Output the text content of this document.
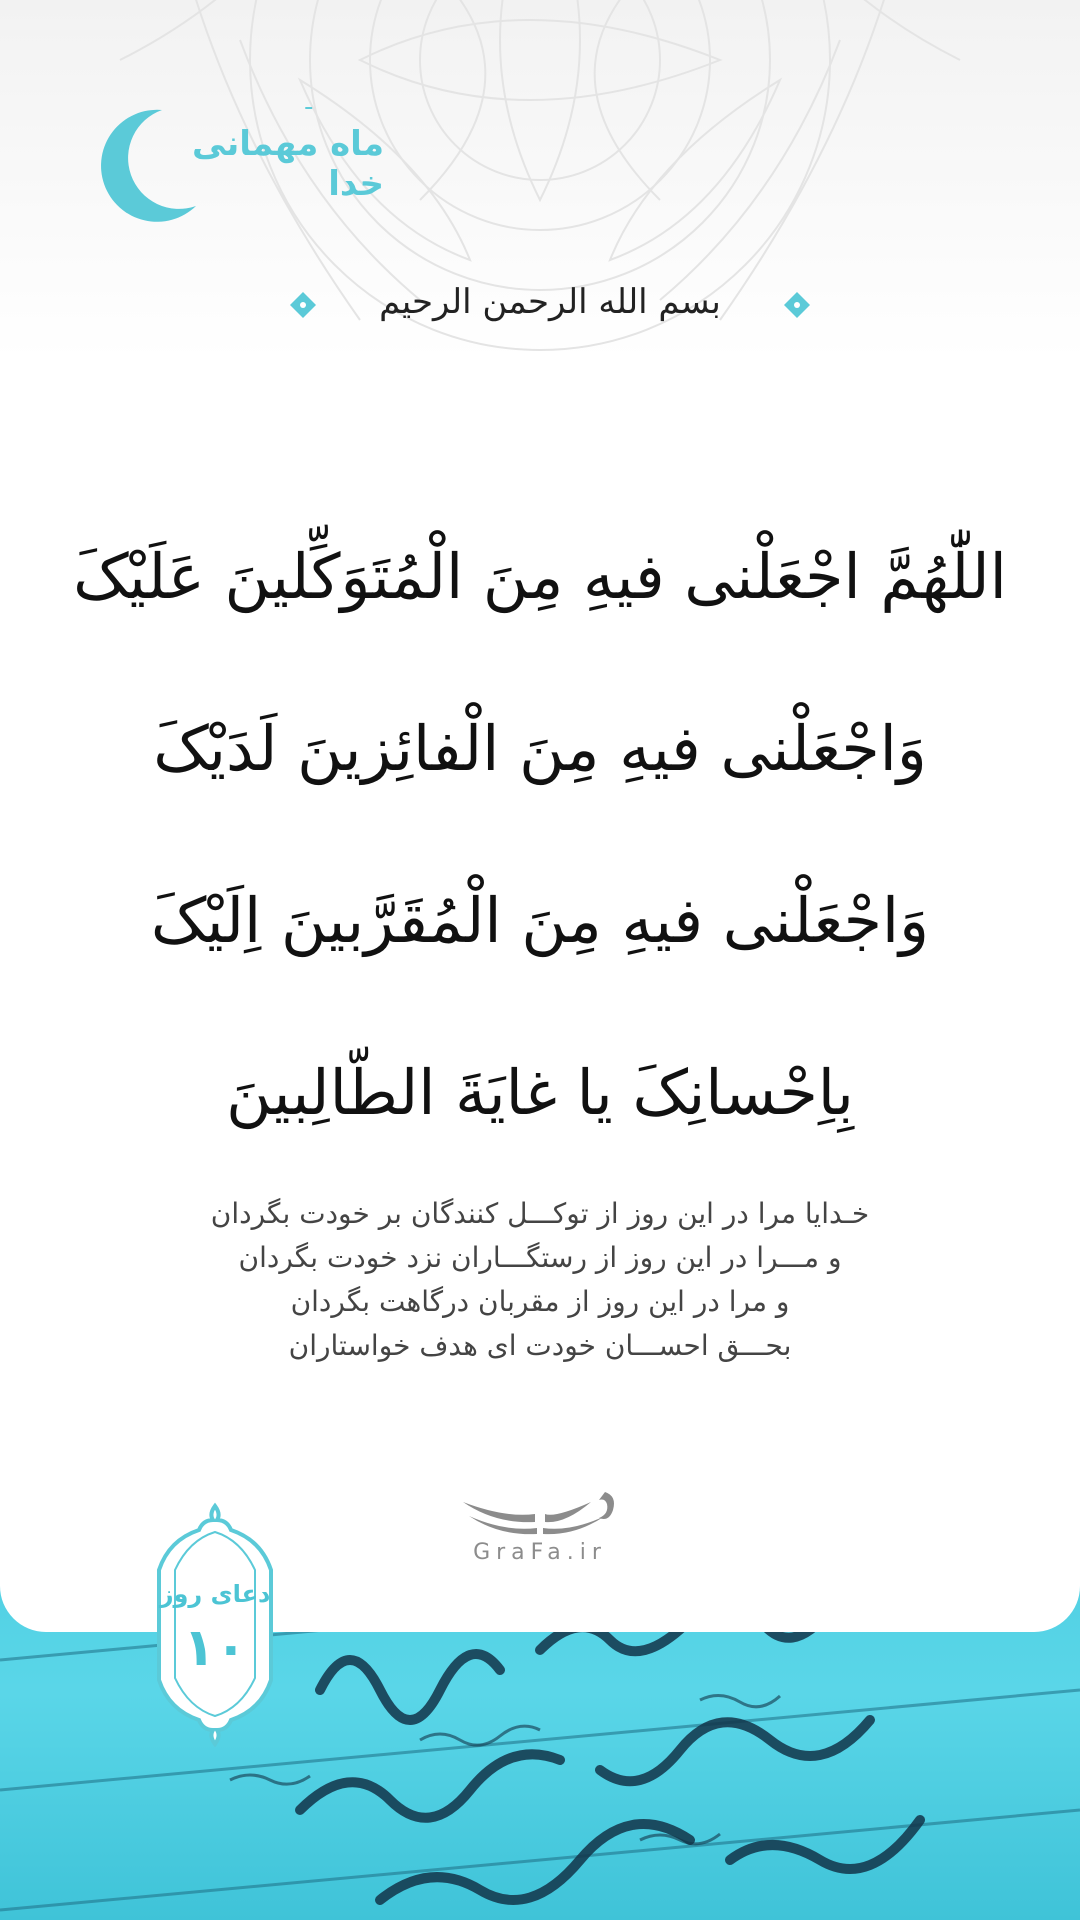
ـ
ماه مهمانی خدا
بسم الله الرحمن الرحیم
اللّٰهُمَّ اجْعَلْنی فیهِ مِنَ الْمُتَوَکِّلینَ عَلَیْکَ
وَاجْعَلْنی فیهِ مِنَ الْفائِزینَ لَدَیْکَ
وَاجْعَلْنی فیهِ مِنَ الْمُقَرَّبینَ اِلَیْکَ
بِاِحْسانِکَ یا غایَةَ الطّالِبینَ
خـدایا مرا در این روز از توکـــل کنندگان بر خودت بگردان
و مـــرا در این روز از رستگـــاران نزد خودت بگردان
و مرا در این روز از مقربان درگاهت بگردان
بحـــق احســـان خودت ای هدف خواستاران
GraFa.ir
دعای روز
۱۰
